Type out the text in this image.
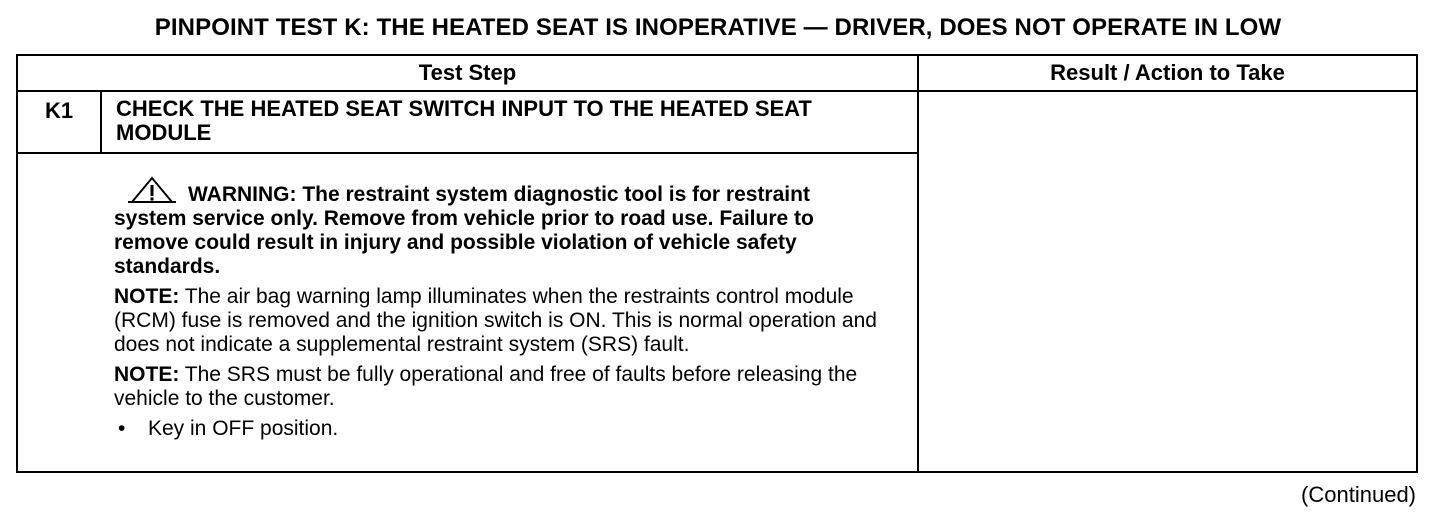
PINPOINT TEST K: THE HEATED SEAT IS INOPERATIVE — DRIVER, DOES NOT OPERATE IN LOW
Test Step	Result / Action to Take
K1	CHECK THE HEATED SEAT SWITCH INPUT TO THE HEATED SEAT MODULE

WARNING: The restraint system diagnostic tool is for restraint system service only. Remove from vehicle prior to road use. Failure to remove could result in injury and possible violation of vehicle safety standards.

NOTE: The air bag warning lamp illuminates when the restraints control module (RCM) fuse is removed and the ignition switch is ON. This is normal operation and does not indicate a supplemental restraint system (SRS) fault.

NOTE: The SRS must be fully operational and free of faults before releasing the vehicle to the customer.

•	Key in OFF position.
(Continued)
